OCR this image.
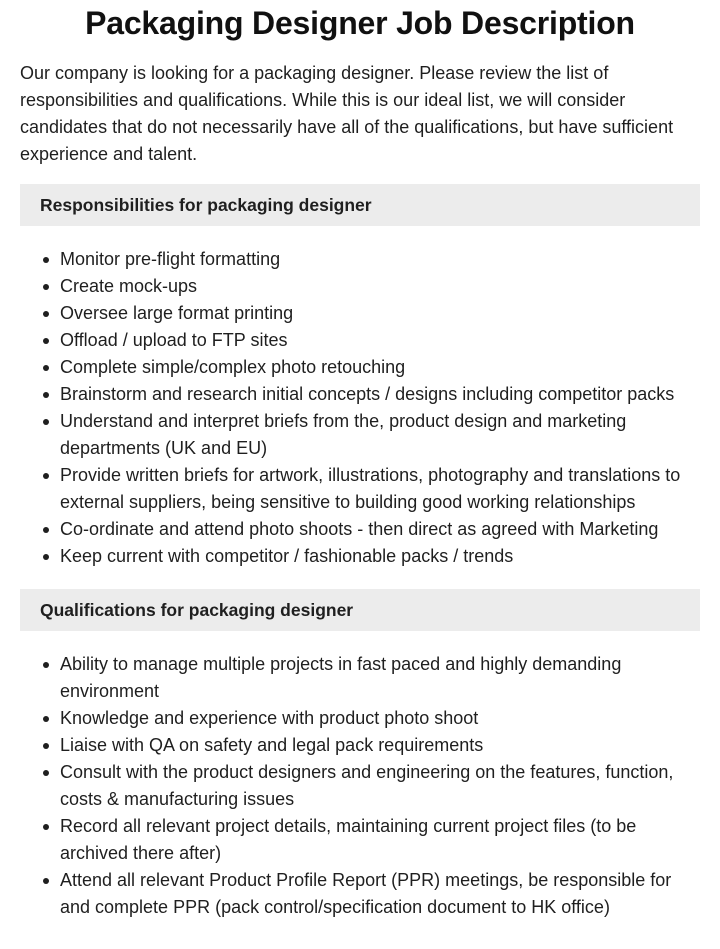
Packaging Designer Job Description

Our company is looking for a packaging designer. Please review the list of responsibilities and qualifications. While this is our ideal list, we will consider candidates that do not necessarily have all of the qualifications, but have sufficient experience and talent.

Responsibilities for packaging designer
Monitor pre-flight formatting
Create mock-ups
Oversee large format printing
Offload / upload to FTP sites
Complete simple/complex photo retouching
Brainstorm and research initial concepts / designs including competitor packs
Understand and interpret briefs from the, product design and marketing departments (UK and EU)
Provide written briefs for artwork, illustrations, photography and translations to external suppliers, being sensitive to building good working relationships
Co-ordinate and attend photo shoots - then direct as agreed with Marketing
Keep current with competitor / fashionable packs / trends
Qualifications for packaging designer
Ability to manage multiple projects in fast paced and highly demanding environment
Knowledge and experience with product photo shoot
Liaise with QA on safety and legal pack requirements
Consult with the product designers and engineering on the features, function, costs & manufacturing issues
Record all relevant project details, maintaining current project files (to be archived there after)
Attend all relevant Product Profile Report (PPR) meetings, be responsible for and complete PPR (pack control/specification document to HK office)
